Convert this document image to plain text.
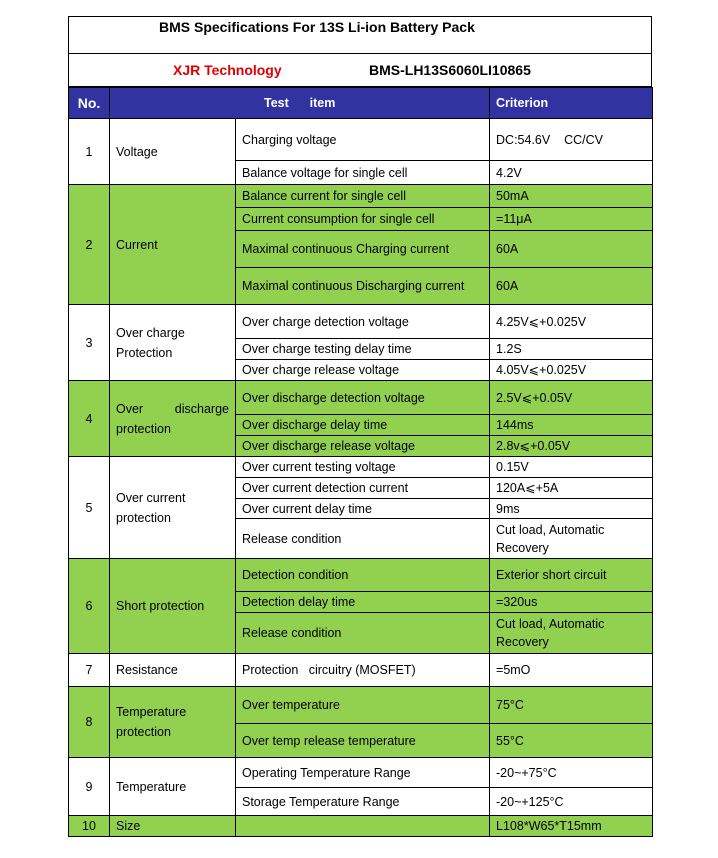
BMS Specifications For 13S Li-ion Battery Pack
XJR Technology	BMS-LH13S6060LI10865
No.	Test      item		Criterion
1	Voltage	Charging voltage	DC:54.6V    CC/CV
		Balance voltage for single cell	4.2V
2	Current	Balance current for single cell	50mA
		Current consumption for single cell	=11μA
		Maximal continuous Charging current	60A
		Maximal continuous Discharging current	60A
3	Over charge Protection	Over charge detection voltage	4.25V⩽+0.025V
		Over charge testing delay time	1.2S
		Over charge release voltage	4.05V⩽+0.025V
4	Over discharge protection	Over discharge detection voltage	2.5V⩽+0.05V
		Over discharge delay time	144ms
		Over discharge release voltage	2.8v⩽+0.05V
5	Over current protection	Over current testing voltage	0.15V
		Over current detection current	120A⩽+5A
		Over current delay time	9ms
		Release condition	Cut load, Automatic Recovery
6	Short protection	Detection condition	Exterior short circuit
		Detection delay time	=320us
		Release condition	Cut load, Automatic Recovery
7	Resistance	Protection   circuitry (MOSFET)	=5mO
8	Temperature protection	Over temperature	75°C
		Over temp release temperature	55°C
9	Temperature	Operating Temperature Range	-20~+75°C
		Storage Temperature Range	-20~+125°C
10	Size		L108*W65*T15mm
